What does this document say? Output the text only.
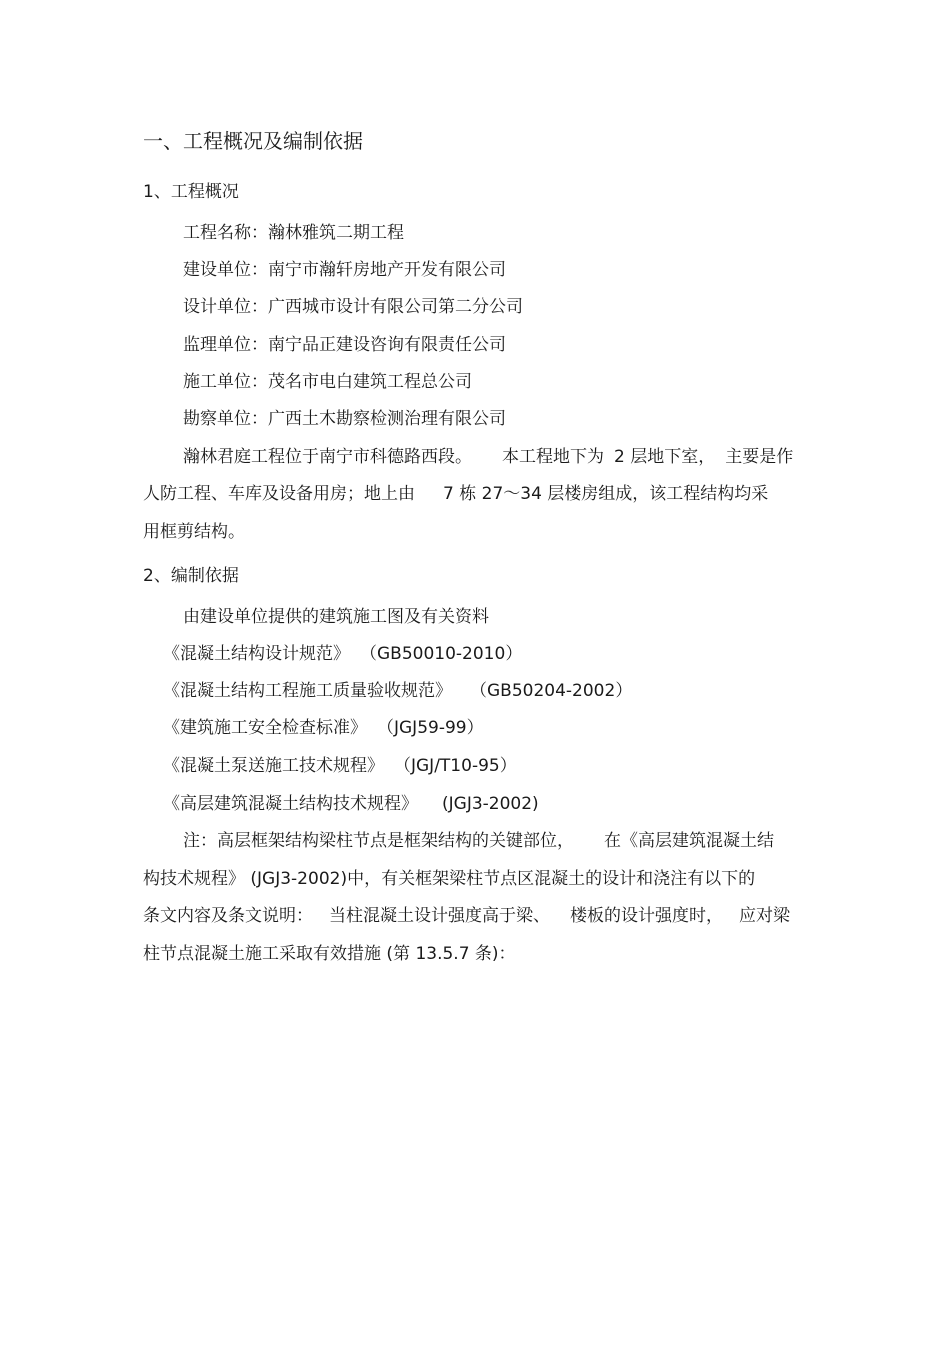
一、工程概况及编制依据
1、工程概况
工程名称：瀚林雅筑二期工程
建设单位：南宁市瀚轩房地产开发有限公司
设计单位：广西城市设计有限公司第二分公司
监理单位：南宁品正建设咨询有限责任公司
施工单位：茂名市电白建筑工程总公司
勘察单位：广西土木勘察检测治理有限公司
瀚林君庭工程位于南宁市科德路西段。 本工程地下为 2 层地下室， 主要是作
人防工程、车库及设备用房；地上由 7 栋 27～34 层楼房组成，该工程结构均采
用框剪结构。
2、编制依据
由建设单位提供的建筑施工图及有关资料
《混凝土结构设计规范》 （GB50010-2010）
《混凝土结构工程施工质量验收规范》 （GB50204-2002）
《建筑施工安全检查标准》 （JGJ59-99）
《混凝土泵送施工技术规程》 （JGJ/T10-95）
《高层建筑混凝土结构技术规程》 (JGJ3-2002)
注：高层框架结构梁柱节点是框架结构的关键部位， 在《高层建筑混凝土结
构技术规程》 (JGJ3-2002)中，有关框架梁柱节点区混凝土的设计和浇注有以下的
条文内容及条文说明： 当柱混凝土设计强度高于梁、 楼板的设计强度时， 应对梁
柱节点混凝土施工采取有效措施 (第 13.5.7 条)：
